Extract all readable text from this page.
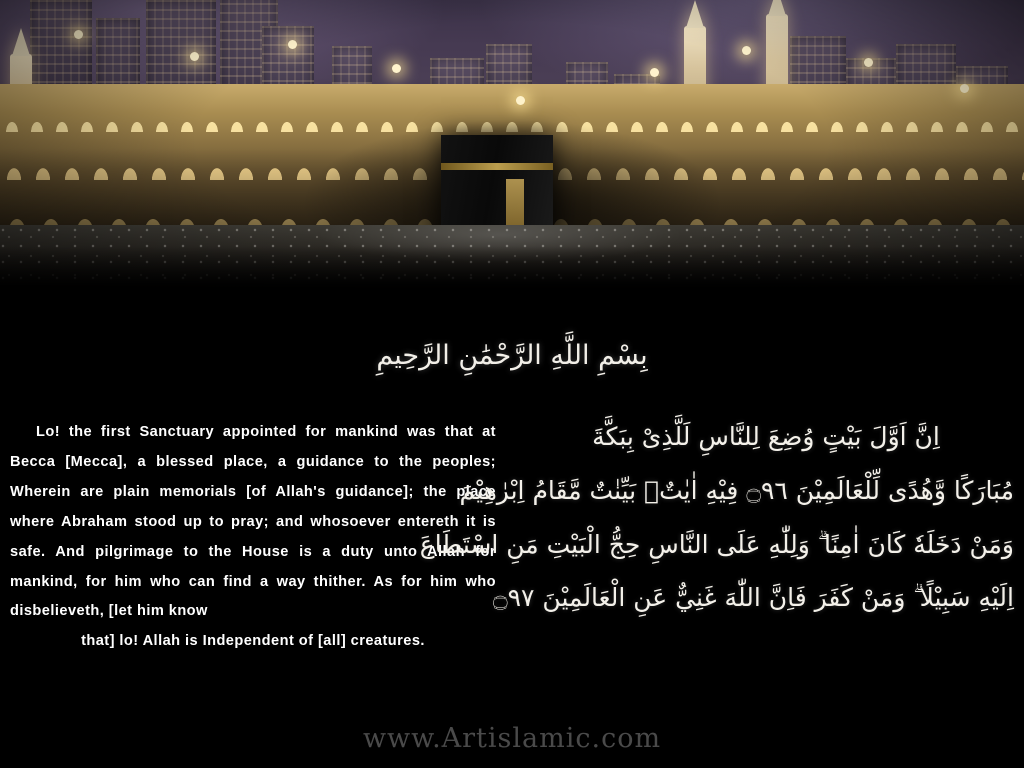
بِسْمِ اللَّهِ الرَّحْمَٰنِ الرَّحِيمِ
Lo! the first Sanctuary appointed for mankind was that at Becca [Mecca], a blessed place, a guidance to the peoples; Wherein are plain memorials [of Allah's guidance]; the place where Abraham stood up to pray; and whosoever entereth it is safe. And pilgrimage to the House is a duty unto Allah for mankind, for him who can find a way thither. As for him who disbelieveth, [let him know
that] lo! Allah is Independent of [all] creatures.
اِنَّ اَوَّلَ بَيْتٍ وُضِعَ لِلنَّاسِ لَلَّذِىْ بِبَكَّةَ
مُبَارَكًا وَّهُدًى لِّلْعَالَمِيْنَ ۝٩٦ فِيْهِ اٰيٰتٌۢ بَيِّنٰتٌ مَّقَامُ اِبْرٰهِيْمَ
وَمَنْ دَخَلَهٗ كَانَ اٰمِنًا ۗ وَلِلّٰهِ عَلَى النَّاسِ حِجُّ الْبَيْتِ مَنِ اسْتَطَاعَ
اِلَيْهِ سَبِيْلًا ۗ وَمَنْ كَفَرَ فَاِنَّ اللّٰهَ غَنِيٌّ عَنِ الْعَالَمِيْنَ ۝٩٧
www.Artislamic.com
